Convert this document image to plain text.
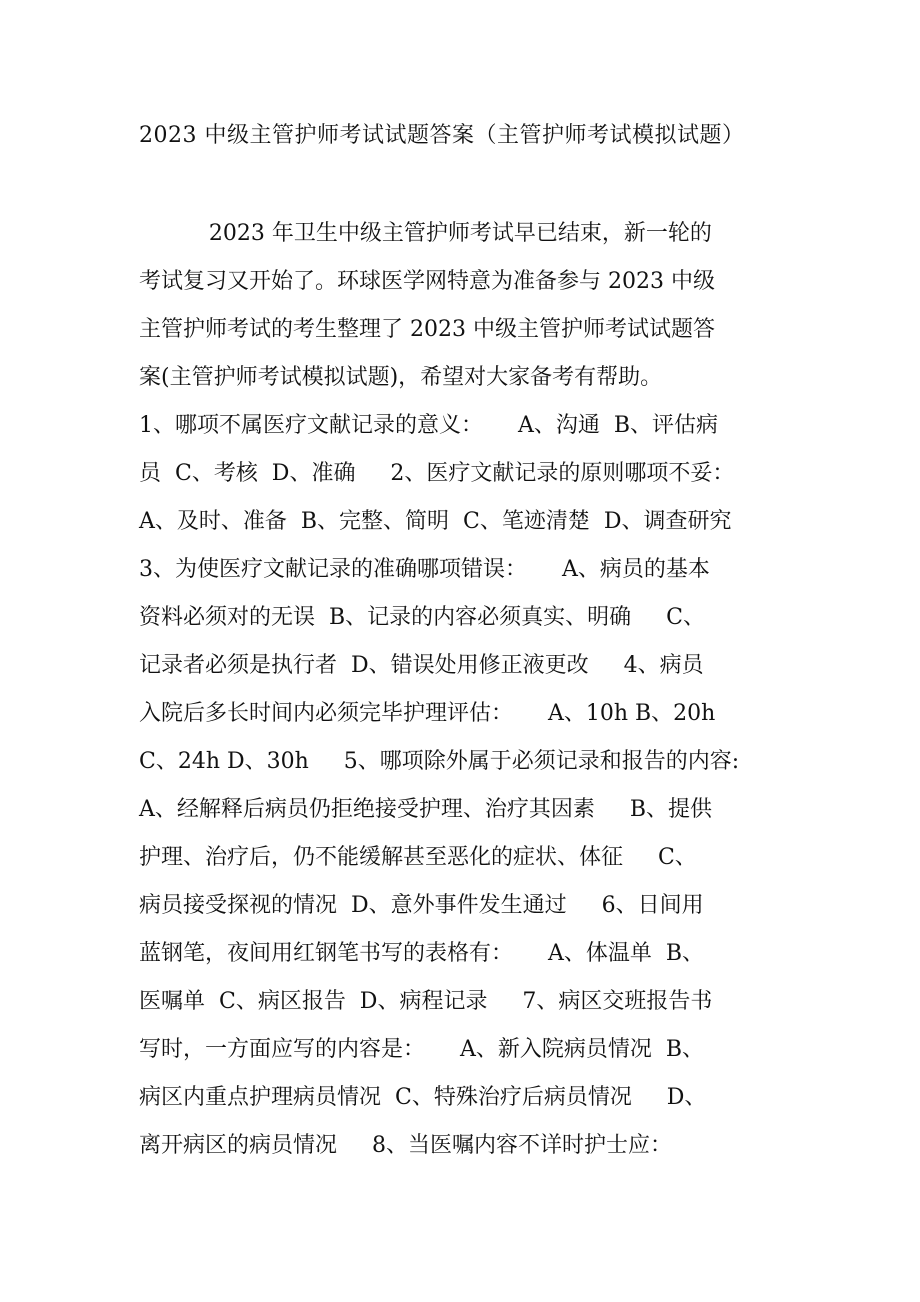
2023 中级主管护师考试试题答案（主管护师考试模拟试题）
2023 年卫生中级主管护师考试早已结束，新一轮的
考试复习又开始了。环球医学网特意为准备参与 2023 中级
主管护师考试的考生整理了 2023 中级主管护师考试试题答
案(主管护师考试模拟试题)，希望对大家备考有帮助。
1、哪项不属医疗文献记录的意义：     A、沟通  B、评估病
员  C、考核  D、准确     2、医疗文献记录的原则哪项不妥：
A、及时、准备  B、完整、简明  C、笔迹清楚  D、调查研究
3、为使医疗文献记录的准确哪项错误：     A、病员的基本
资料必须对的无误  B、记录的内容必须真实、明确     C、
记录者必须是执行者  D、错误处用修正液更改     4、病员
入院后多长时间内必须完毕护理评估：     A、10h B、20h
C、24h D、30h     5、哪项除外属于必须记录和报告的内容:
A、经解释后病员仍拒绝接受护理、治疗其因素     B、提供
护理、治疗后，仍不能缓解甚至恶化的症状、体征     C、
病员接受探视的情况  D、意外事件发生通过     6、日间用
蓝钢笔，夜间用红钢笔书写的表格有：     A、体温单  B、
医嘱单  C、病区报告  D、病程记录     7、病区交班报告书
写时，一方面应写的内容是：     A、新入院病员情况  B、
病区内重点护理病员情况  C、特殊治疗后病员情况     D、
离开病区的病员情况     8、当医嘱内容不详时护士应：
